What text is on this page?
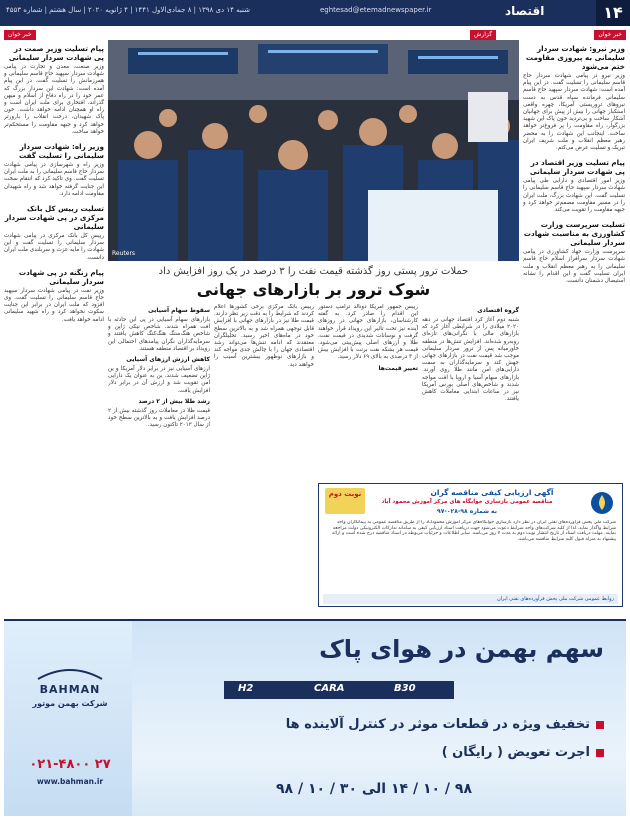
شنبه ۱۴ دی ۱۳۹۸ | ۸ جمادی‌الاول ۱۴۴۱ | ۴ ژانویه ۲۰۲۰ | سال هشتم | شماره ۴۵۵۳	eghtesad@etemadnewspaper.ir	اقتصاد	۱۴
خبر خوان
خبر خوان	گزارش
وزیر نیرو: شهادت سردار سلیمانی به پیروزی مقاومت ختم می‌شود
وزیر نیرو در پیامی شهادت سردار حاج قاسم سلیمانی را تسلیت گفت. در این پیام آمده است: شهادت سردار سپهبد حاج قاسم سلیمانی فرمانده سپاه قدس به دست نیروهای تروریستی آمریکا، چهره واقعی استکبار جهانی را بیش از پیش برای جهانیان آشکار ساخت و بی‌تردید خون پاک این شهید بزرگوار، راه مقاومت را پر فروغ‌تر خواهد ساخت. اینجانب این شهادت را به محضر رهبر معظم انقلاب و ملت شریف ایران تبریک و تسلیت عرض می‌کنم.
پیام تسلیت وزیر اقتصاد در پی شهادت سردار سلیمانی
وزیر امور اقتصادی و دارایی طی پیامی شهادت سردار سپهبد حاج قاسم سلیمانی را تسلیت گفت. این شهادت بزرگ، ملت ایران را در مسیر مقاومت مصمم‌تر خواهد کرد و جبهه مقاومت را تقویت می‌کند.
تسلیت سرپرست وزارت کشاورزی به مناسبت شهادت سردار سلیمانی
سرپرست وزارت جهاد کشاورزی در پیامی شهادت سردار سرافراز اسلام حاج قاسم سلیمانی را به رهبر معظم انقلاب و ملت ایران تسلیت گفت و این اقدام را نشانه استیصال دشمنان دانست.
پیام تسلیت وزیر صمت در پی شهادت سردار سلیمانی
وزیر صنعت، معدن و تجارت در پیامی شهادت سردار سپهبد حاج قاسم سلیمانی و همرزمانش را تسلیت گفت. در این پیام آمده است: شهادت این سردار بزرگ که عمر خود را در راه دفاع از اسلام و میهن گذراند، افتخاری برای ملت ایران است و راه او همچنان ادامه خواهد داشت. خون پاک شهیدان، درخت انقلاب را بارورتر خواهد کرد و جبهه مقاومت را مستحکم‌تر خواهد ساخت.
وزیر راه: شهادت سردار سلیمانی را تسلیت گفت
وزیر راه و شهرسازی در پیامی شهادت سردار حاج قاسم سلیمانی را به ملت ایران تسلیت گفت. وی تاکید کرد که انتقام سخت این جنایت گرفته خواهد شد و راه شهیدان مقاومت ادامه دارد.
تسلیت رییس کل بانک مرکزی در پی شهادت سردار سلیمانی
رییس کل بانک مرکزی در پیامی شهادت سردار سلیمانی را تسلیت گفت و این شهادت را مایه عزت و سربلندی ملت ایران دانست.
پیام زنگنه در پی شهادت سردار سلیمانی
وزیر نفت در پیامی شهادت سردار سپهبد حاج قاسم سلیمانی را تسلیت گفت. وی افزود که ملت ایران در برابر این جنایت سکوت نخواهد کرد و راه شهید سلیمانی ادامه خواهد یافت.
Reuters
حملات ترور پستی روز گذشته قیمت نفت را ۳ درصد در یک روز افزایش داد
شوک ترور بر بازارهای جهانی
گروه اقتصادی
شنبه دوم آغاز کرد اقتصاد جهانی در دهه ۲۰۲۰ میلادی را در شرایطی آغاز کرد که بازارهای مالی با نگرانی‌های تازه‌ای روبه‌رو شده‌اند. افزایش تنش‌ها در منطقه خاورمیانه پس از ترور سردار سلیمانی موجب شد قیمت نفت در بازارهای جهانی جهش کند و سرمایه‌گذاران به سمت دارایی‌های امن مانند طلا روی آورند. بازارهای سهام آسیا و اروپا با افت مواجه شدند و شاخص‌های اصلی بورس آمریکا نیز در ساعات ابتدایی معاملات کاهش یافتند.
رییس جمهور آمریکا دونالد ترامپ دستور این اقدام را صادر کرد. به گفته کارشناسان، بازارهای جهانی در روزهای آینده نیز تحت تاثیر این رویداد قرار خواهند گرفت و نوسانات شدیدی در قیمت نفت، طلا و ارزهای اصلی پیش‌بینی می‌شود. قیمت هر بشکه نفت برنت با افزایش بیش از ۳ درصدی به بالای ۶۹ دلار رسید.
تغییر قیمت‌ها
رییس بانک مرکزی برخی کشورها اعلام کردند که شرایط را به دقت زیر نظر دارند. قیمت طلا نیز در بازارهای جهانی با افزایش قابل توجهی همراه شد و به بالاترین سطح خود در ماه‌های اخیر رسید. تحلیلگران معتقدند که ادامه تنش‌ها می‌تواند رشد اقتصادی جهان را با چالش جدی مواجه کند و بازارهای نوظهور بیشترین آسیب را خواهند دید.
سقوط سهام آسیایی
بازارهای سهام آسیایی در پی این حادثه با افت همراه شدند. شاخص نیکی ژاپن و شاخص هنگ‌سنگ هنگ‌کنگ کاهش یافتند و سرمایه‌گذاران نگران پیامدهای احتمالی این رویداد بر اقتصاد منطقه هستند.
کاهش ارزش ارزهای آسیایی
ارزهای آسیایی نیز در برابر دلار آمریکا و ین ژاپن تضعیف شدند. ین به عنوان یک دارایی امن تقویت شد و ارزش آن در برابر دلار افزایش یافت.
رشد طلا بیش از ۲ درصد
قیمت طلا در معاملات روز گذشته بیش از ۲ درصد افزایش یافت و به بالاترین سطح خود از سال ۲۰۱۳ تاکنون رسید.
نوبت دوم	آگهی ارزیابی کیفی مناقصه گران
مناقصه عمومی بازسازی خوابگاه های مرکز آموزش محمود آباد
به شماره ۹۸-۰۲۸-۹۷
شرکت ملی پخش فرآورده‌های نفتی ایران در نظر دارد بازسازی خوابگاه‌های مرکز آموزش محمودآباد را از طریق مناقصه عمومی به پیمانکاران واجد شرایط واگذار نماید. لذا از کلیه شرکت‌های واجد شرایط دعوت می‌شود جهت دریافت اسناد ارزیابی کیفی به سامانه تدارکات الکترونیکی دولت مراجعه نمایند. مهلت دریافت اسناد از تاریخ انتشار نوبت دوم به مدت ۷ روز می‌باشد. سایر اطلاعات و جزئیات مربوطه در اسناد مناقصه درج شده است و ارائه پیشنهاد به منزله قبول کلیه شرایط مناقصه می‌باشد.
روابط عمومی شرکت ملی پخش فرآورده‌های نفتی ایران
BAHMAN
شرکت بهمن موتور
۰۲۱-۴۸۰۰ ۲۷
www.bahman.ir
سهم بهمن در هوای پاک
H2	CARA	B30
تخفیف ویژه در قطعات موثر در کنترل آلاینده ها
اجرت تعویض ( رایگان )
۹۸ / ۱۰ / ۱۴ الی ۳۰ / ۱۰ / ۹۸
